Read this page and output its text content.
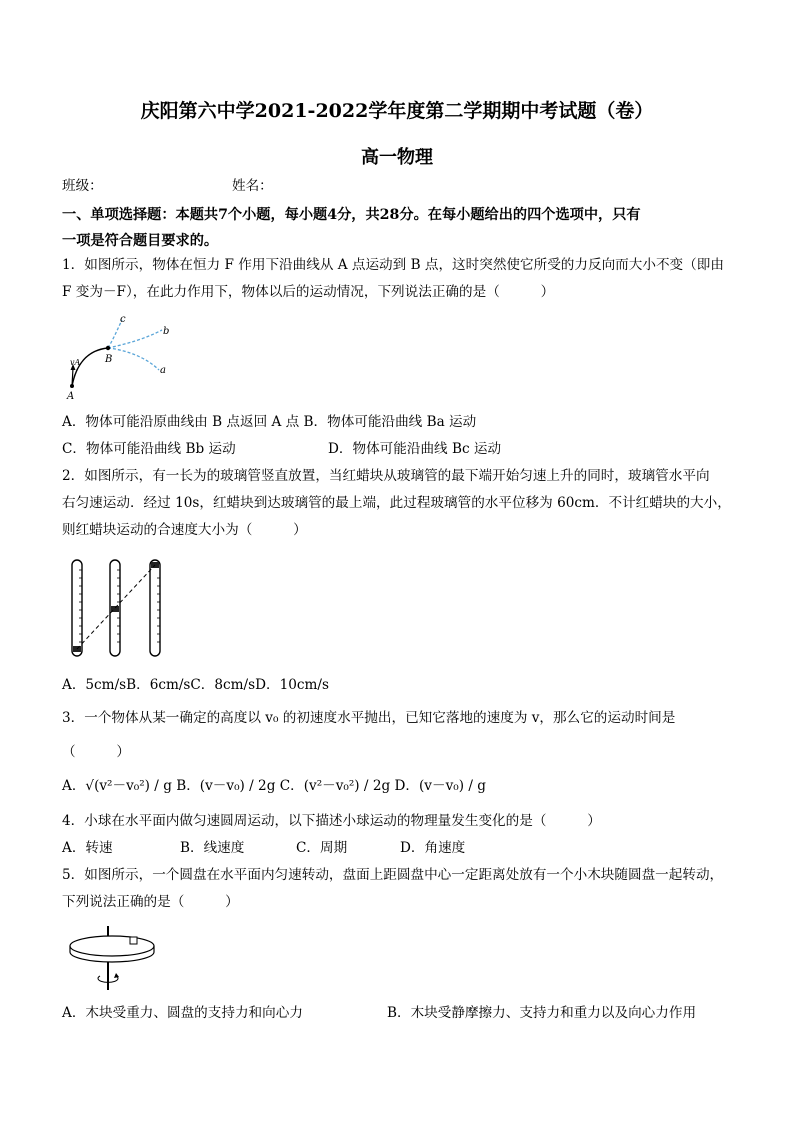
庆阳第六中学2021-2022学年度第二学期期中考试题（卷）
高一物理
班级：	姓名：
一、单项选择题：本题共7个小题，每小题4分，共28分。在每小题给出的四个选项中，只有
一项是符合题目要求的。
1．如图所示，物体在恒力 F 作用下沿曲线从 A 点运动到 B 点，这时突然使它所受的力反向而大小不变（即由
F 变为－F），在此力作用下，物体以后的运动情况，下列说法正确的是（　　　）
c
b
a
B
A
vA
A．物体可能沿原曲线由 B 点返回 A 点 B．物体可能沿曲线 Ba 运动
C．物体可能沿曲线 Bb 运动	D．物体可能沿曲线 Bc 运动
2．如图所示，有一长为的玻璃管竖直放置，当红蜡块从玻璃管的最下端开始匀速上升的同时，玻璃管水平向
右匀速运动．经过 10s，红蜡块到达玻璃管的最上端，此过程玻璃管的水平位移为 60cm．不计红蜡块的大小，
则红蜡块运动的合速度大小为（　　　）
A．5cm/sB．6cm/sC．8cm/sD．10cm/s
3．一个物体从某一确定的高度以 v₀ 的初速度水平抛出，已知它落地的速度为 v，那么它的运动时间是
（　　　）
A．√(v²－v₀²) / g B．(v－v₀) / 2g C．(v²－v₀²) / 2g D．(v－v₀) / g
4．小球在水平面内做匀速圆周运动，以下描述小球运动的物理量发生变化的是（　　　）
A．转速	B．线速度	C．周期	D．角速度
5．如图所示，一个圆盘在水平面内匀速转动，盘面上距圆盘中心一定距离处放有一个小木块随圆盘一起转动，
下列说法正确的是（　　　）
A．木块受重力、圆盘的支持力和向心力	B．木块受静摩擦力、支持力和重力以及向心力作用
